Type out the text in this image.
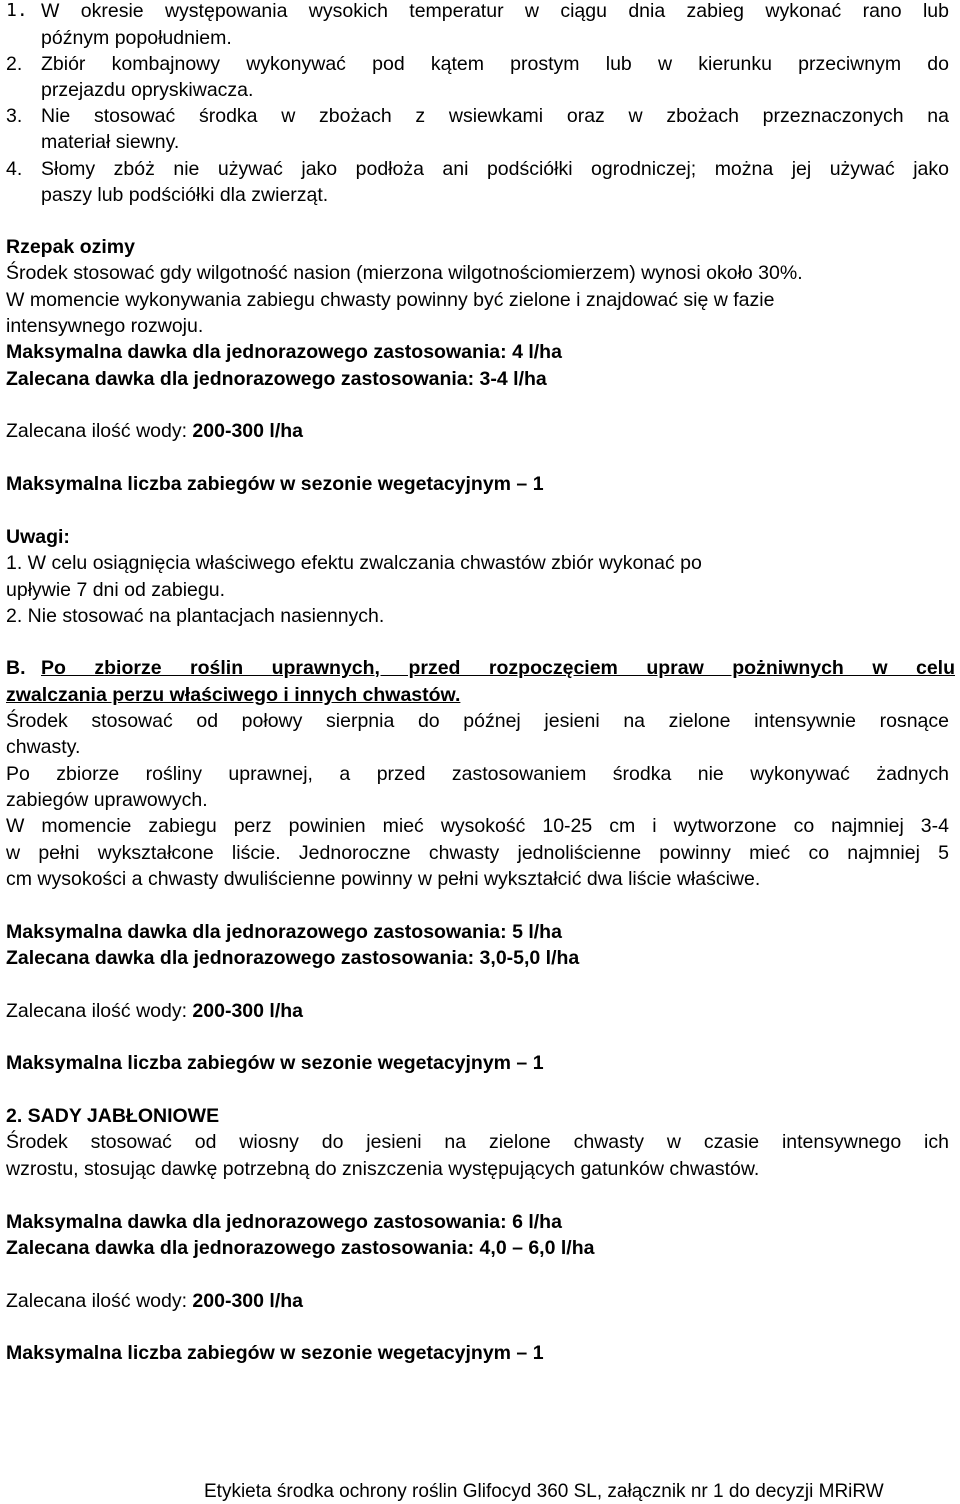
1. W okresie występowania wysokich temperatur w ciągu dnia zabieg wykonać rano lub
późnym popołudniem.
2. Zbiór kombajnowy wykonywać pod kątem prostym lub w kierunku przeciwnym do
przejazdu opryskiwacza.
3. Nie stosować środka w zbożach z wsiewkami oraz w zbożach przeznaczonych na
materiał siewny.
4. Słomy zbóż nie używać jako podłoża ani podściółki ogrodniczej; można jej używać jako
paszy lub podściółki dla zwierząt.
Rzepak ozimy
Środek stosować gdy wilgotność nasion (mierzona wilgotnościomierzem) wynosi około 30%.
W momencie wykonywania zabiegu chwasty powinny być zielone i znajdować się w fazie
intensywnego rozwoju.
Maksymalna dawka dla jednorazowego zastosowania: 4 l/ha
Zalecana dawka dla jednorazowego zastosowania: 3-4 l/ha
Zalecana ilość wody: 200-300 l/ha
Maksymalna liczba zabiegów w sezonie wegetacyjnym – 1
Uwagi:
1. W celu osiągnięcia właściwego efektu zwalczania chwastów zbiór wykonać po
upływie 7 dni od zabiegu.
2. Nie stosować na plantacjach nasiennych.
B. Po zbiorze roślin uprawnych, przed rozpoczęciem upraw pożniwnych w celu
zwalczania perzu właściwego i innych chwastów.
Środek stosować od połowy sierpnia do późnej jesieni na zielone intensywnie rosnące
chwasty.
Po zbiorze rośliny uprawnej, a przed zastosowaniem środka nie wykonywać żadnych
zabiegów uprawowych.
W momencie zabiegu perz powinien mieć wysokość 10-25 cm i wytworzone co najmniej 3-4
w pełni wykształcone liście. Jednoroczne chwasty jednoliścienne powinny mieć co najmniej 5
cm wysokości a chwasty dwuliścienne powinny w pełni wykształcić dwa liście właściwe.
Maksymalna dawka dla jednorazowego zastosowania: 5 l/ha
Zalecana dawka dla jednorazowego zastosowania: 3,0-5,0 l/ha
Zalecana ilość wody: 200-300 l/ha
Maksymalna liczba zabiegów w sezonie wegetacyjnym – 1
2. SADY JABŁONIOWE
Środek stosować od wiosny do jesieni na zielone chwasty w czasie intensywnego ich
wzrostu, stosując dawkę potrzebną do zniszczenia występujących gatunków chwastów.
Maksymalna dawka dla jednorazowego zastosowania: 6 l/ha
Zalecana dawka dla jednorazowego zastosowania: 4,0 – 6,0 l/ha
Zalecana ilość wody: 200-300 l/ha
Maksymalna liczba zabiegów w sezonie wegetacyjnym – 1
Etykieta środka ochrony roślin Glifocyd 360 SL, załącznik nr 1 do decyzji MRiRW
